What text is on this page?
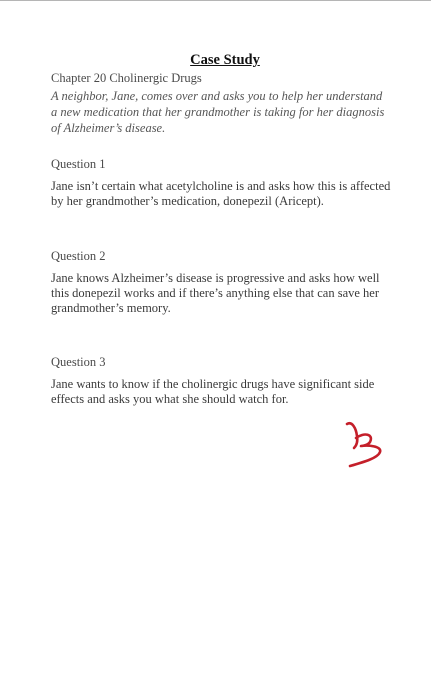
Case Study
Chapter 20 Cholinergic Drugs
A neighbor, Jane, comes over and asks you to help her understand a new medication that her grandmother is taking for her diagnosis of Alzheimer’s disease.
Question 1
Jane isn’t certain what acetylcholine is and asks how this is affected by her grandmother’s medication, donepezil (Aricept).
Question 2
Jane knows Alzheimer’s disease is progressive and asks how well this donepezil works and if there’s anything else that can save her grandmother’s memory.
Question 3
Jane wants to know if the cholinergic drugs have significant side effects and asks you what she should watch for.
